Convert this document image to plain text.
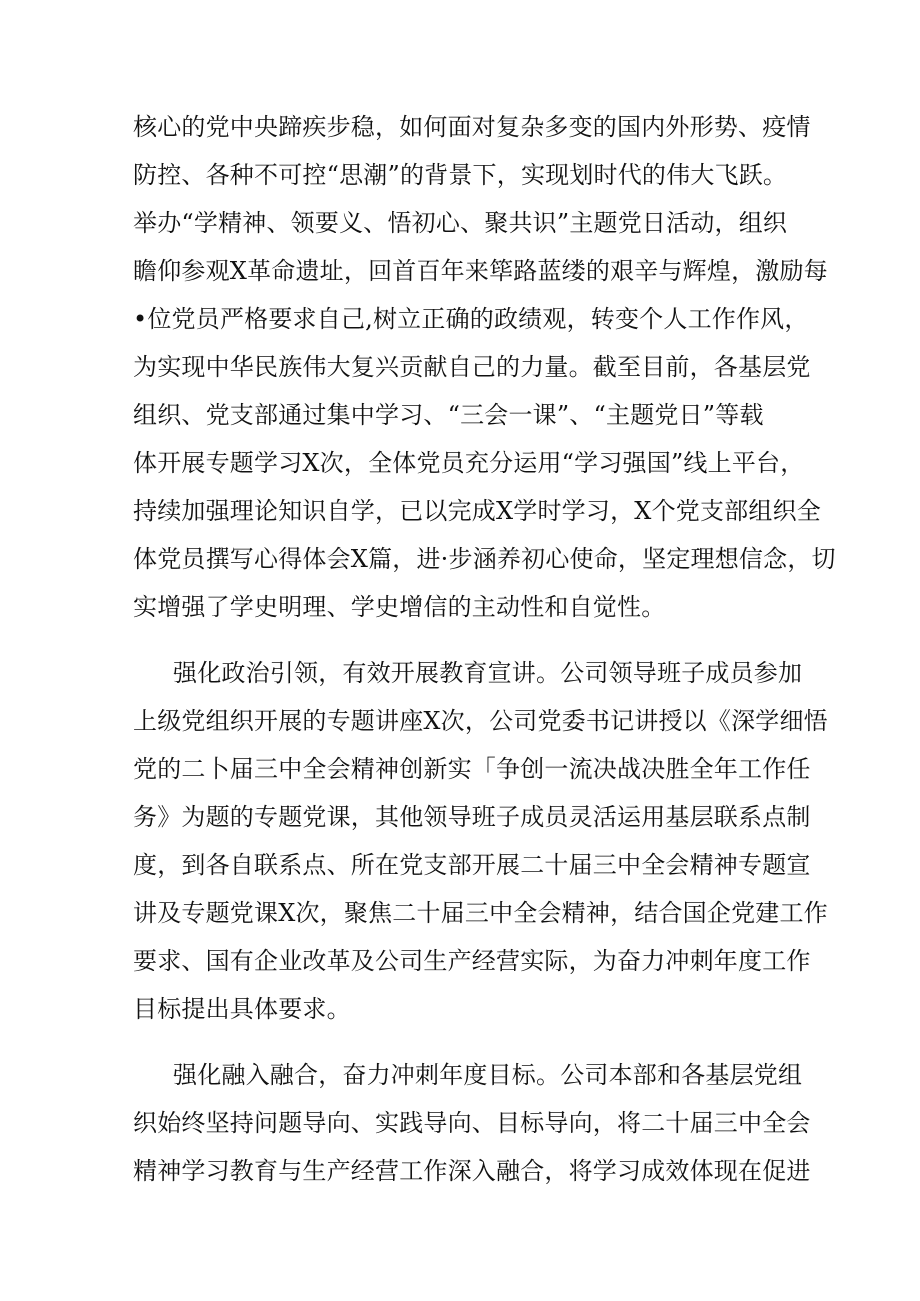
核心的党中央蹄疾步稳，如何面对复杂多变的国内外形势、疫情
防控、各种不可控“思潮”的背景下，实现划时代的伟大飞跃。
举办“学精神、领要义、悟初心、聚共识”主题党日活动，组织
瞻仰参观X革命遗址，回首百年来筚路蓝缕的艰辛与辉煌，激励每
•位党员严格要求自己,树立正确的政绩观，转变个人工作作风，
为实现中华民族伟大复兴贡献自己的力量。截至目前，各基层党
组织、党支部通过集中学习、“三会一课”、“主题党日”等载
体开展专题学习X次，全体党员充分运用“学习强国”线上平台，
持续加强理论知识自学，已以完成X学时学习，X个党支部组织全
体党员撰写心得体会X篇，进·步涵养初心使命，坚定理想信念，切
实增强了学史明理、学史增信的主动性和自觉性。
强化政治引领，有效开展教育宣讲。公司领导班子成员参加
上级党组织开展的专题讲座X次，公司党委书记讲授以《深学细悟
党的二卜届三中全会精神创新实「争创一流决战决胜全年工作任
务》为题的专题党课，其他领导班子成员灵活运用基层联系点制
度，到各自联系点、所在党支部开展二十届三中全会精神专题宣
讲及专题党课X次，聚焦二十届三中全会精神，结合国企党建工作
要求、国有企业改革及公司生产经营实际，为奋力冲刺年度工作
目标提出具体要求。
强化融入融合，奋力冲刺年度目标。公司本部和各基层党组
织始终坚持问题导向、实践导向、目标导向，将二十届三中全会
精神学习教育与生产经营工作深入融合，将学习成效体现在促进
